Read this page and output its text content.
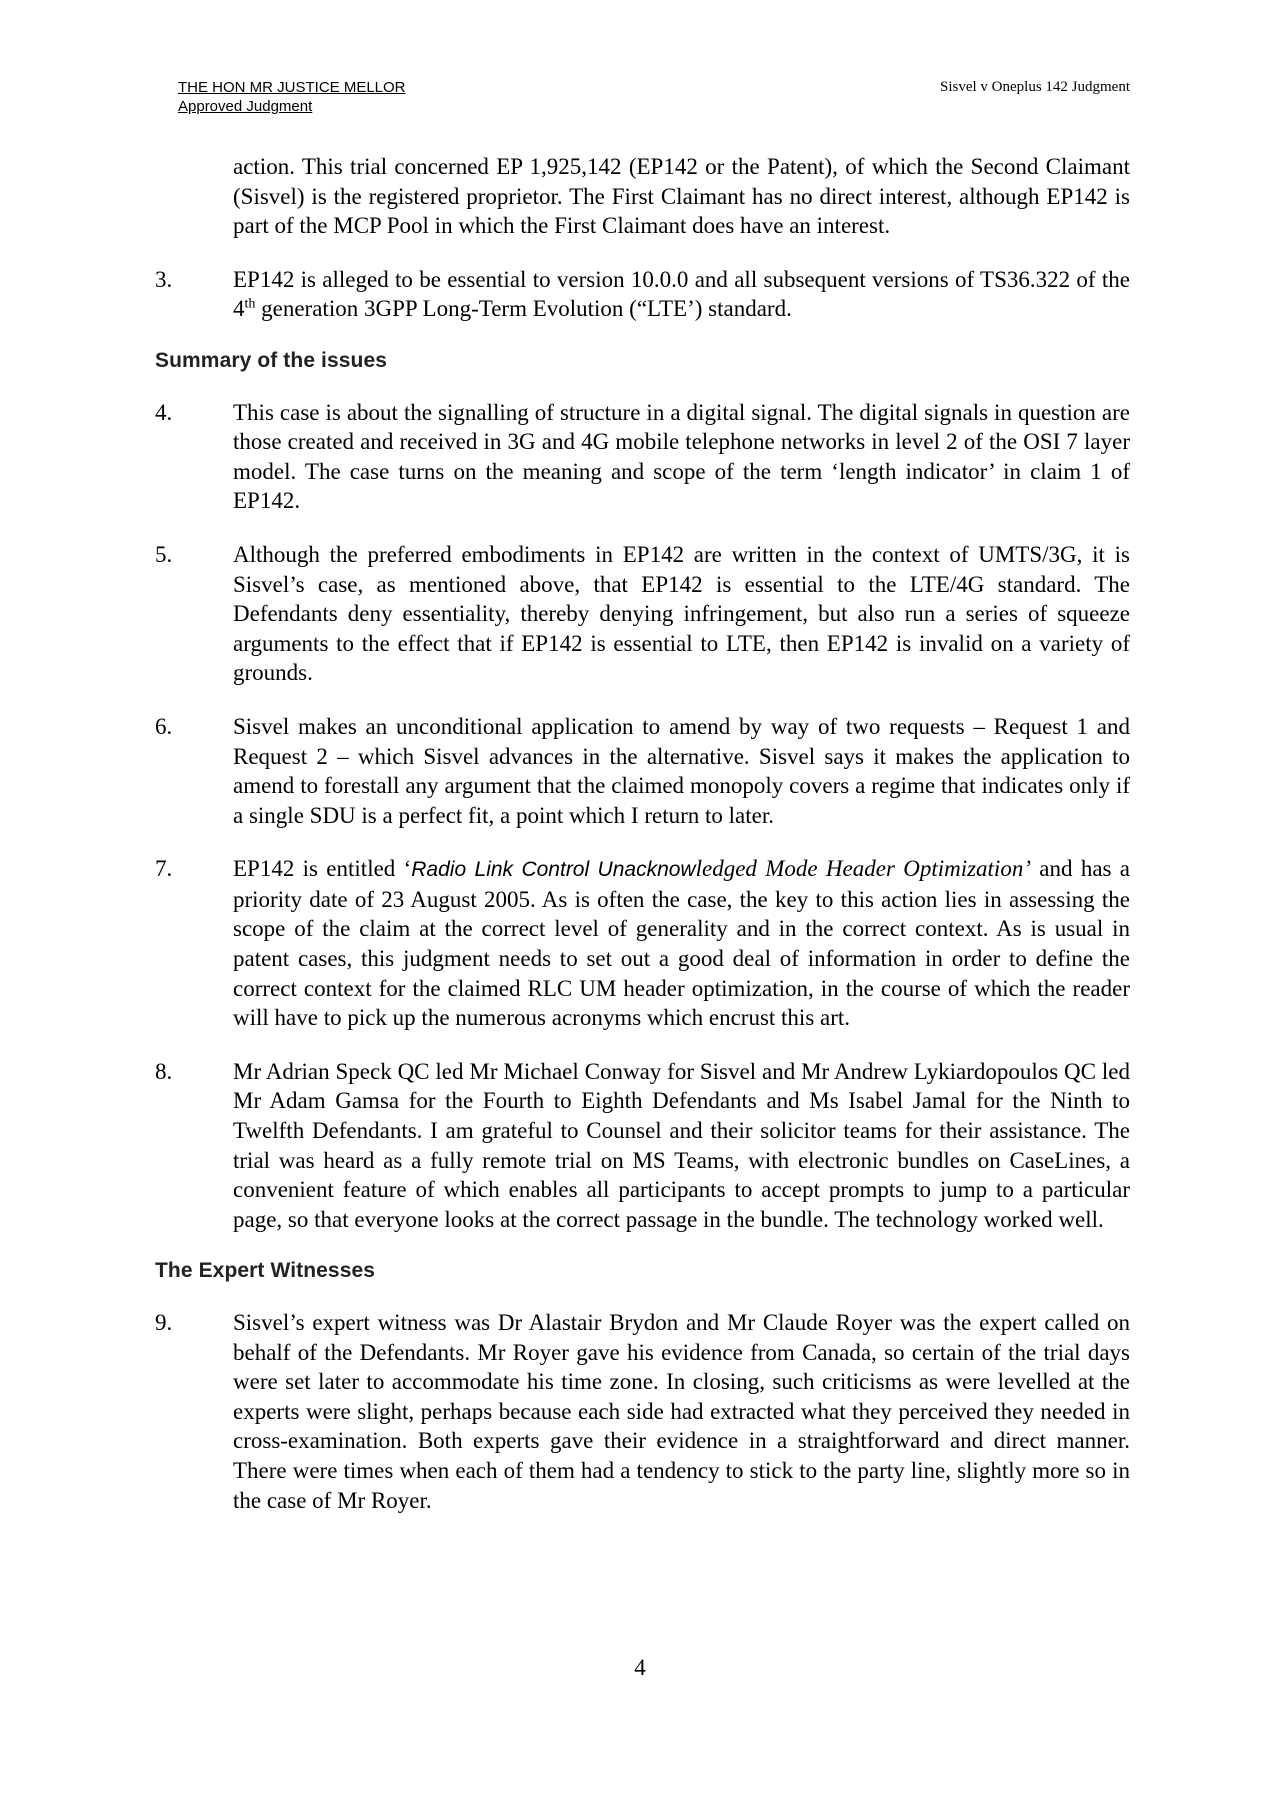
THE HON MR JUSTICE MELLOR
Approved Judgment
Sisvel v Oneplus 142 Judgment
action. This trial concerned EP 1,925,142 (EP142 or the Patent), of which the Second Claimant (Sisvel) is the registered proprietor. The First Claimant has no direct interest, although EP142 is part of the MCP Pool in which the First Claimant does have an interest.
3.	EP142 is alleged to be essential to version 10.0.0 and all subsequent versions of TS36.322 of the 4th generation 3GPP Long-Term Evolution (“LTE’) standard.
Summary of the issues
4.	This case is about the signalling of structure in a digital signal. The digital signals in question are those created and received in 3G and 4G mobile telephone networks in level 2 of the OSI 7 layer model. The case turns on the meaning and scope of the term ‘length indicator’ in claim 1 of EP142.
5.	Although the preferred embodiments in EP142 are written in the context of UMTS/3G, it is Sisvel’s case, as mentioned above, that EP142 is essential to the LTE/4G standard. The Defendants deny essentiality, thereby denying infringement, but also run a series of squeeze arguments to the effect that if EP142 is essential to LTE, then EP142 is invalid on a variety of grounds.
6.	Sisvel makes an unconditional application to amend by way of two requests – Request 1 and Request 2 – which Sisvel advances in the alternative. Sisvel says it makes the application to amend to forestall any argument that the claimed monopoly covers a regime that indicates only if a single SDU is a perfect fit, a point which I return to later.
7.	EP142 is entitled ‘Radio Link Control Unacknowledged Mode Header Optimization’ and has a priority date of 23 August 2005. As is often the case, the key to this action lies in assessing the scope of the claim at the correct level of generality and in the correct context. As is usual in patent cases, this judgment needs to set out a good deal of information in order to define the correct context for the claimed RLC UM header optimization, in the course of which the reader will have to pick up the numerous acronyms which encrust this art.
8.	Mr Adrian Speck QC led Mr Michael Conway for Sisvel and Mr Andrew Lykiardopoulos QC led Mr Adam Gamsa for the Fourth to Eighth Defendants and Ms Isabel Jamal for the Ninth to Twelfth Defendants. I am grateful to Counsel and their solicitor teams for their assistance. The trial was heard as a fully remote trial on MS Teams, with electronic bundles on CaseLines, a convenient feature of which enables all participants to accept prompts to jump to a particular page, so that everyone looks at the correct passage in the bundle. The technology worked well.
The Expert Witnesses
9.	Sisvel’s expert witness was Dr Alastair Brydon and Mr Claude Royer was the expert called on behalf of the Defendants. Mr Royer gave his evidence from Canada, so certain of the trial days were set later to accommodate his time zone. In closing, such criticisms as were levelled at the experts were slight, perhaps because each side had extracted what they perceived they needed in cross-examination. Both experts gave their evidence in a straightforward and direct manner. There were times when each of them had a tendency to stick to the party line, slightly more so in the case of Mr Royer.
4
